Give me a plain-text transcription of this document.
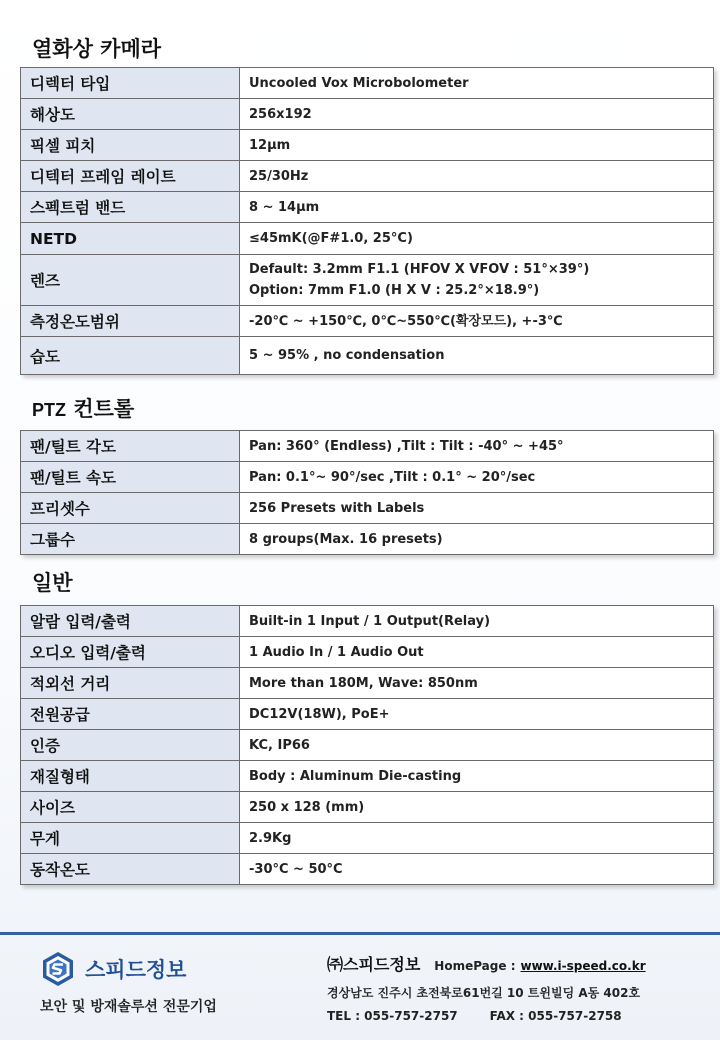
열화상 카메라
디렉터 타입	Uncooled Vox Microbolometer
해상도	256x192
픽셀 피치	12μm
디텍터 프레임 레이트	25/30Hz
스펙트럼 밴드	8 ~ 14μm
NETD	≤45mK(@F#1.0, 25°C)
렌즈	Default: 3.2mm F1.1 (HFOV X VFOV : 51°×39°)
Option: 7mm F1.0 (H X V : 25.2°×18.9°)

측정온도범위	-20℃ ~ +150℃, 0℃~550℃(확장모드), +-3℃
습도	5 ~ 95% , no condensation
PTZ 컨트롤
팬/틸트 각도	Pan: 360° (Endless) ,Tilt : Tilt : -40° ~ +45°
팬/틸트 속도	Pan: 0.1°~ 90°/sec ,Tilt : 0.1° ~ 20°/sec
프리셋수	256 Presets with Labels
그룹수	8 groups(Max. 16 presets)
일반
알람 입력/출력	Built-in 1 Input / 1 Output(Relay)
오디오 입력/출력	1 Audio In / 1 Audio Out
적외선 거리	More than 180M, Wave: 850nm
전원공급	DC12V(18W), PoE+
인증	KC, IP66
재질형태	Body : Aluminum Die-casting
사이즈	250 x 128 (mm)
무게	2.9Kg
동작온도	-30°C ~ 50°C
스피드정보
보안 및 방재솔루션 전문기업
㈜스피드정보 HomePage : www.i-speed.co.kr
경상남도 진주시 초전북로61번길 10 트윈빌딩 A동 402호
TEL : 055-757-2757	FAX : 055-757-2758
